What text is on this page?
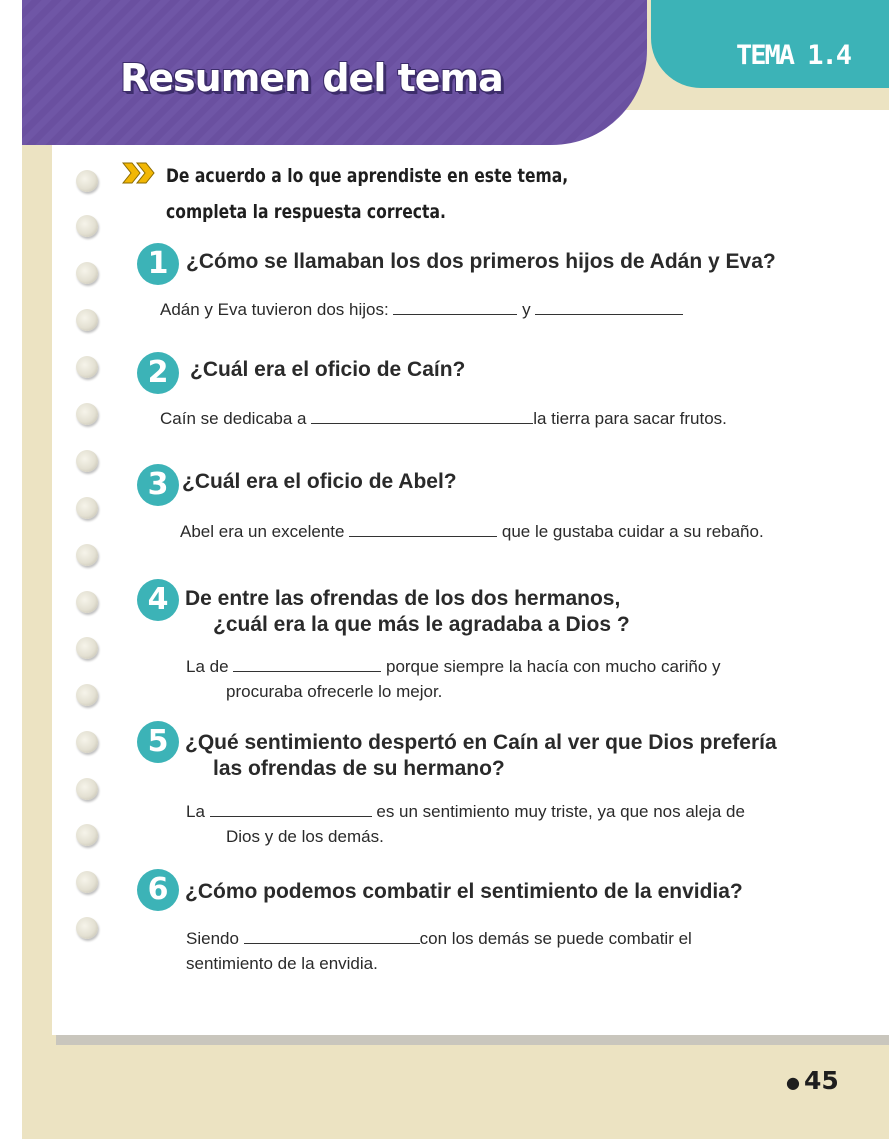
Resumen del tema
TEMA 1.4
De acuerdo a lo que aprendiste en este tema, completa la respuesta correcta.
1 ¿Cómo se llamaban los dos primeros hijos de Adán y Eva?
Adán y Eva tuvieron dos hijos:	y
2	¿Cuál era el oficio de Caín?
Caín se dedicaba a	la tierra para sacar frutos.
3 ¿Cuál era el oficio de Abel?
Abel era un excelente	que le gustaba cuidar a su rebaño.
4 De entre las ofrendas de los dos hermanos,
¿cuál era la que más le agradaba a Dios ?
La de	porque siempre la hacía con mucho cariño y
procuraba ofrecerle lo mejor.
5 ¿Qué sentimiento despertó en Caín al ver que Dios prefería
las ofrendas de su hermano?
La	es un sentimiento muy triste, ya que nos aleja de
Dios y de los demás.
6 ¿Cómo podemos combatir el sentimiento de la envidia?
Siendo	con los demás se puede combatir el
sentimiento de la envidia.
● 45
